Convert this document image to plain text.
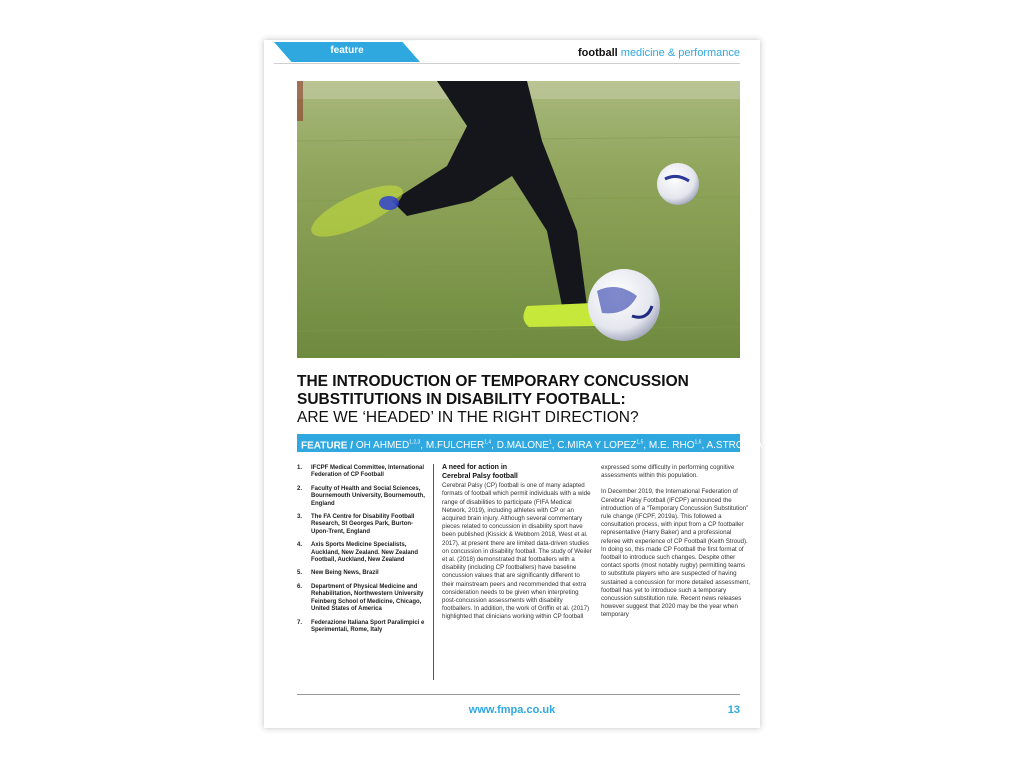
feature	football medicine & performance
THE INTRODUCTION OF TEMPORARY CONCUSSION
SUBSTITUTIONS IN DISABILITY FOOTBALL:
ARE WE ‘HEADED’ IN THE RIGHT DIRECTION?
FEATURE / OH AHMED$^{1,2,3}$, M.FULCHER$^{1,4}$, D.MALONE$^1$, C.MIRA Y LOPEZ$^{1,5}$, M.E. RHO$^{1,6}$, A.STROJNA$^{1,7}$
1. IFCPF Medical Committee, International Federation of CP Football
2. Faculty of Health and Social Sciences, Bournemouth University, Bournemouth, England
3. The FA Centre for Disability Football Research, St Georges Park, Burton-Upon-Trent, England
4. Axis Sports Medicine Specialists, Auckland, New Zealand. New Zealand Football, Auckland, New Zealand
5. New Being News, Brazil
6. Department of Physical Medicine and Rehabilitation, Northwestern University Feinberg School of Medicine, Chicago, United States of America
7. Federazione Italiana Sport Paralimpici e Sperimentali, Rome, Italy
A need for action in
Cerebral Palsy football

Cerebral Palsy (CP) football is one of many adapted formats of football which permit individuals with a wide range of disabilities to participate (FIFA Medical Network, 2019), including athletes with CP or an acquired brain injury. Although several commentary pieces related to concussion in disability sport have been published (Kissick & Webborn 2018, West et al. 2017), at present there are limited data-driven studies on concussion in disability football. The study of Weiler et al. (2018) demonstrated that footballers with a disability (including CP footballers) have baseline concussion values that are significantly different to their mainstream peers and recommended that extra consideration needs to be given when interpreting post-concussion assessments with disability footballers. In addition, the work of Griffin et al. (2017) highlighted that clinicians working within CP football

expressed some difficulty in performing cognitive assessments within this population.

In December 2019, the International Federation of Cerebral Palsy Football (IFCPF) announced the introduction of a “Temporary Concussion Substitution” rule change (IFCPF, 2019a). This followed a consultation process, with input from a CP footballer representative (Harry Baker) and a professional referee with experience of CP Football (Keith Stroud). In doing so, this made CP Football the first format of football to introduce such changes. Despite other contact sports (most notably rugby) permitting teams to substitute players who are suspected of having sustained a concussion for more detailed assessment, football has yet to introduce such a temporary concussion substitution rule. Recent news releases however suggest that 2020 may be the year when temporary

www.fmpa.co.uk	13
